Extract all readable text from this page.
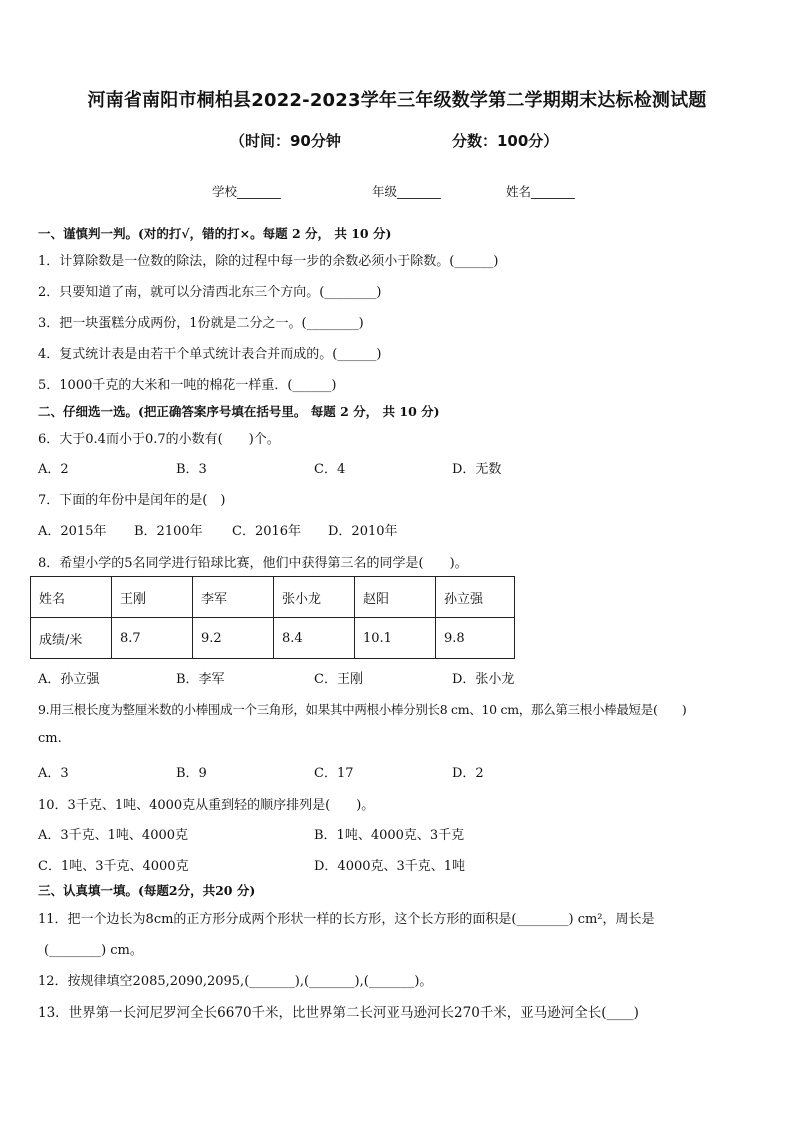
河南省南阳市桐柏县2022-2023学年三年级数学第二学期期末达标检测试题
（时间：90分钟	分数：100分）
学校_______	年级_______	姓名_______
一、谨慎判一判。(对的打√，错的打×。每题 2 分， 共 10 分)
1．计算除数是一位数的除法，除的过程中每一步的余数必须小于除数。(______)
2．只要知道了南，就可以分清西北东三个方向。(________)
3．把一块蛋糕分成两份，1份就是二分之一。(________)
4．复式统计表是由若干个单式统计表合并而成的。(______)
5．1000千克的大米和一吨的棉花一样重．(______)
二、仔细选一选。(把正确答案序号填在括号里。 每题 2 分， 共 10 分)
6．大于0.4而小于0.7的小数有(　　)个。
A．2	B．3	C．4	D．无数
7．下面的年份中是闰年的是(　)
A．2015年 B．2100年 C．2016年 D．2010年
8．希望小学的5名同学进行铅球比赛，他们中获得第三名的同学是(　　)。
姓名	王刚	李军	张小龙	赵阳	孙立强
成绩/米	8.7	9.2	8.4	10.1	9.8
A．孙立强	B．李军	C．王刚	D．张小龙
9.用三根长度为整厘米数的小棒围成一个三角形，如果其中两根小棒分别长8 cm、10 cm，那么第三根小棒最短是(　　)
cm.
A．3	B．9	C．17	D．2
10．3千克、1吨、4000克从重到轻的顺序排列是(　　)。
A．3千克、1吨、4000克	B．1吨、4000克、3千克
C．1吨、3千克、4000克	D．4000克、3千克、1吨
三、认真填一填。(每题2分，共20 分)
11．把一个边长为8cm的正方形分成两个形状一样的长方形，这个长方形的面积是(________) cm²，周长是
(________) cm。
12．按规律填空2085,2090,2095,(_______),(_______),(_______)。
13．世界第一长河尼罗河全长6670千米，比世界第二长河亚马逊河长270千米，亚马逊河全长(____)
